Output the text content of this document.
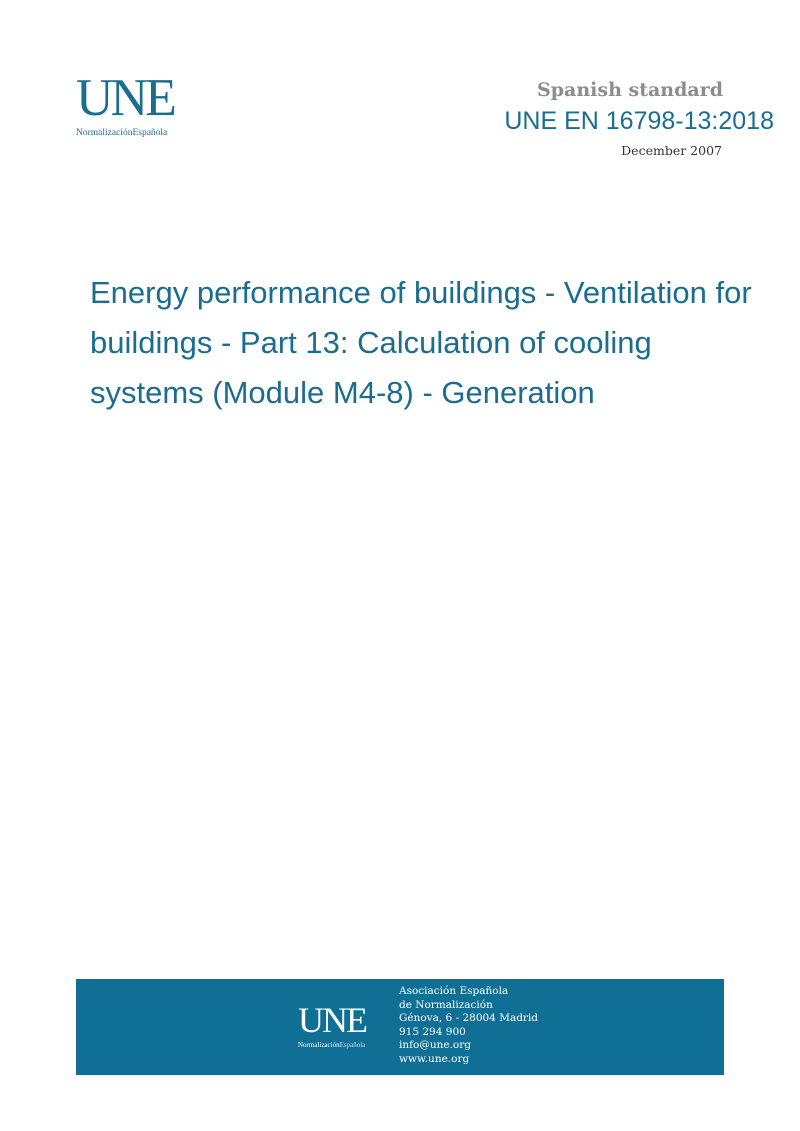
UNE
NormalizaciónEspañola
Spanish standard
UNE EN 16798-13:2018
December 2007
Energy performance of buildings - Ventilation for buildings - Part 13: Calculation of cooling systems (Module M4-8) - Generation
UNE
NormalizaciónEspañola
Asociación Española
de Normalización
Génova, 6 - 28004 Madrid
915 294 900
info@une.org
www.une.org
